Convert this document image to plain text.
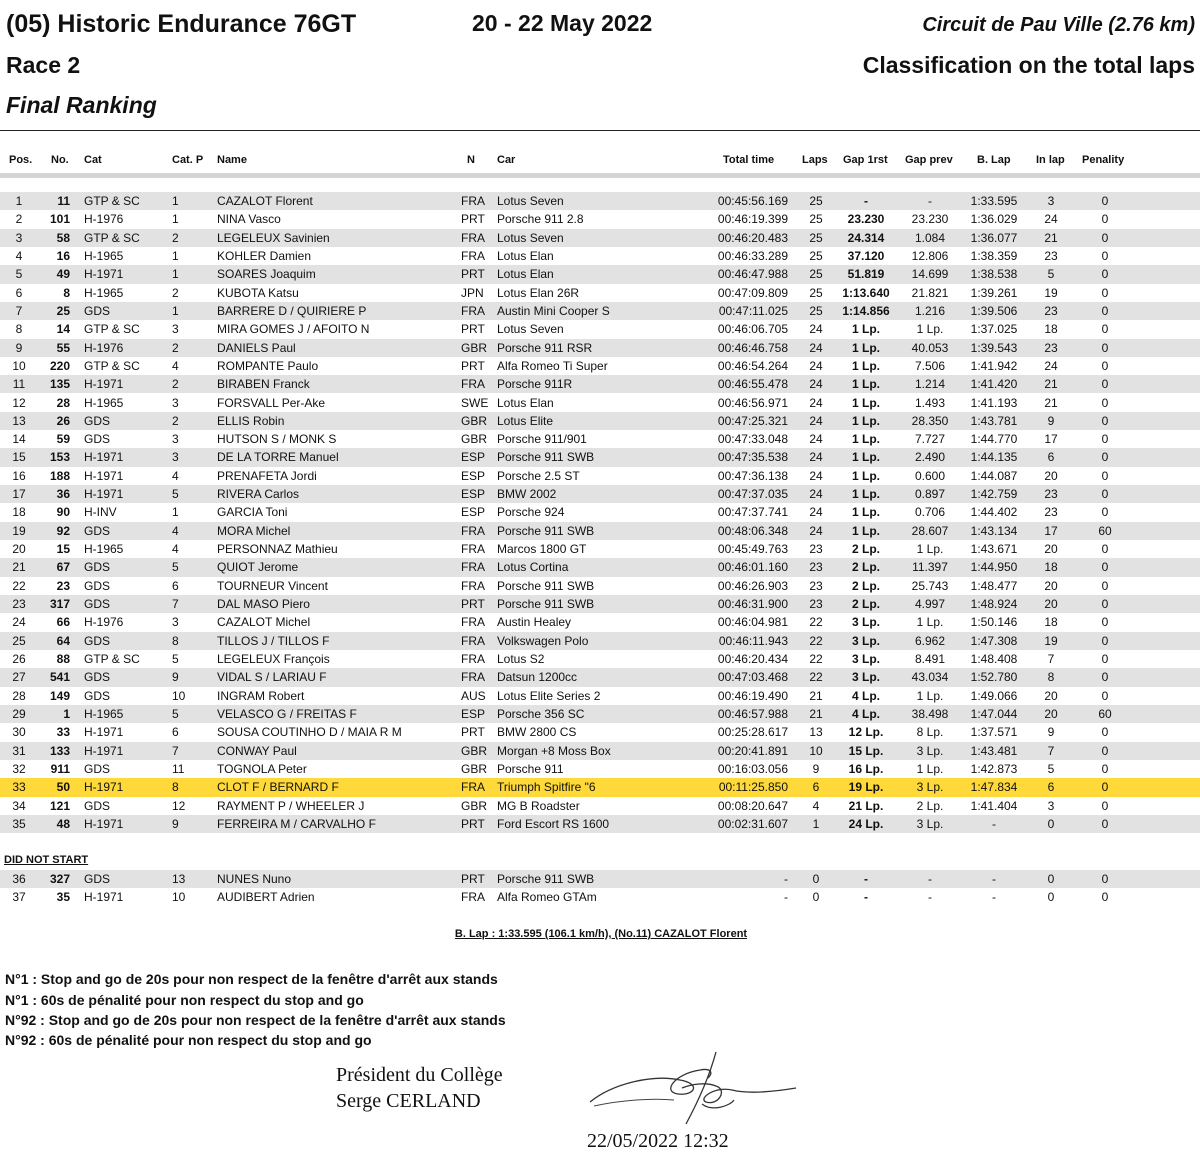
(05) Historic Endurance 76GT
Race 2
Final Ranking
20 - 22 May 2022	Circuit de Pau Ville (2.76 km)
Classification on the total laps
Pos. No. Cat	Cat. P Name	N Car	Total time	Laps Gap 1rst Gap prev B. Lap In lap Penality
1	11 GTP & SC	1	CAZALOT Florent	FRA Lotus Seven	00:45:56.169	25	-	-	1:33.595	3	0
2	101 H-1976	1	NINA Vasco	PRT Porsche 911 2.8	00:46:19.399	25	23.230	23.230	1:36.029	24	0
3	58 GTP & SC	2	LEGELEUX Savinien	FRA Lotus Seven	00:46:20.483	25	24.314	1.084	1:36.077	21	0
4	16 H-1965	1	KOHLER Damien	FRA Lotus Elan	00:46:33.289	25	37.120	12.806	1:38.359	23	0
5	49 H-1971	1	SOARES Joaquim	PRT Lotus Elan	00:46:47.988	25	51.819	14.699	1:38.538	5	0
6	8 H-1965	2	KUBOTA Katsu	JPN Lotus Elan 26R	00:47:09.809	25	1:13.640	21.821	1:39.261	19	0
7	25 GDS	1	BARRERE D / QUIRIERE P	FRA Austin Mini Cooper S	00:47:11.025	25	1:14.856	1.216	1:39.506	23	0
8	14 GTP & SC	3	MIRA GOMES J / AFOITO N	PRT Lotus Seven	00:46:06.705	24	1 Lp.	1 Lp.	1:37.025	18	0
9	55 H-1976	2	DANIELS Paul	GBR Porsche 911 RSR	00:46:46.758	24	1 Lp.	40.053	1:39.543	23	0
10	220 GTP & SC	4	ROMPANTE Paulo	PRT Alfa Romeo Ti Super	00:46:54.264	24	1 Lp.	7.506	1:41.942	24	0
11	135 H-1971	2	BIRABEN Franck	FRA Porsche 911R	00:46:55.478	24	1 Lp.	1.214	1:41.420	21	0
12	28 H-1965	3	FORSVALL Per-Ake	SWE Lotus Elan	00:46:56.971	24	1 Lp.	1.493	1:41.193	21	0
13	26 GDS	2	ELLIS Robin	GBR Lotus Elite	00:47:25.321	24	1 Lp.	28.350	1:43.781	9	0
14	59 GDS	3	HUTSON S / MONK S	GBR Porsche 911/901	00:47:33.048	24	1 Lp.	7.727	1:44.770	17	0
15	153 H-1971	3	DE LA TORRE Manuel	ESP Porsche 911 SWB	00:47:35.538	24	1 Lp.	2.490	1:44.135	6	0
16	188 H-1971	4	PRENAFETA Jordi	ESP Porsche 2.5 ST	00:47:36.138	24	1 Lp.	0.600	1:44.087	20	0
17	36 H-1971	5	RIVERA Carlos	ESP BMW 2002	00:47:37.035	24	1 Lp.	0.897	1:42.759	23	0
18	90 H-INV	1	GARCIA Toni	ESP Porsche 924	00:47:37.741	24	1 Lp.	0.706	1:44.402	23	0
19	92 GDS	4	MORA Michel	FRA Porsche 911 SWB	00:48:06.348	24	1 Lp.	28.607	1:43.134	17	60
20	15 H-1965	4	PERSONNAZ Mathieu	FRA Marcos 1800 GT	00:45:49.763	23	2 Lp.	1 Lp.	1:43.671	20	0
21	67 GDS	5	QUIOT Jerome	FRA Lotus Cortina	00:46:01.160	23	2 Lp.	11.397	1:44.950	18	0
22	23 GDS	6	TOURNEUR Vincent	FRA Porsche 911 SWB	00:46:26.903	23	2 Lp.	25.743	1:48.477	20	0
23	317 GDS	7	DAL MASO Piero	PRT Porsche 911 SWB	00:46:31.900	23	2 Lp.	4.997	1:48.924	20	0
24	66 H-1976	3	CAZALOT Michel	FRA Austin Healey	00:46:04.981	22	3 Lp.	1 Lp.	1:50.146	18	0
25	64 GDS	8	TILLOS J / TILLOS F	FRA Volkswagen Polo	00:46:11.943	22	3 Lp.	6.962	1:47.308	19	0
26	88 GTP & SC	5	LEGELEUX François	FRA Lotus S2	00:46:20.434	22	3 Lp.	8.491	1:48.408	7	0
27	541 GDS	9	VIDAL S / LARIAU F	FRA Datsun 1200cc	00:47:03.468	22	3 Lp.	43.034	1:52.780	8	0
28	149 GDS	10	INGRAM Robert	AUS Lotus Elite Series 2	00:46:19.490	21	4 Lp.	1 Lp.	1:49.066	20	0
29	1 H-1965	5	VELASCO G / FREITAS F	ESP Porsche 356 SC	00:46:57.988	21	4 Lp.	38.498	1:47.044	20	60
30	33 H-1971	6	SOUSA COUTINHO D / MAIA R M	PRT BMW 2800 CS	00:25:28.617	13	12 Lp.	8 Lp.	1:37.571	9	0
31	133 H-1971	7	CONWAY Paul	GBR Morgan +8 Moss Box	00:20:41.891	10	15 Lp.	3 Lp.	1:43.481	7	0
32	911 GDS	11	TOGNOLA Peter	GBR Porsche 911	00:16:03.056	9	16 Lp.	1 Lp.	1:42.873	5	0
33	50 H-1971	8	CLOT F / BERNARD F	FRA Triumph Spitfire "6	00:11:25.850	6	19 Lp.	3 Lp.	1:47.834	6	0
34	121 GDS	12	RAYMENT P / WHEELER J	GBR MG B Roadster	00:08:20.647	4	21 Lp.	2 Lp.	1:41.404	3	0
35	48 H-1971	9	FERREIRA M / CARVALHO F	PRT Ford Escort RS 1600	00:02:31.607	1	24 Lp.	3 Lp.	-	0	0
DID NOT START
36	327 GDS	13	NUNES Nuno	PRT Porsche 911 SWB	-	0	-	-	-	0	0
37	35 H-1971	10	AUDIBERT Adrien	FRA Alfa Romeo GTAm	-	0	-	-	-	0	0
B. Lap : 1:33.595 (106.1 km/h), (No.11) CAZALOT Florent
N°1 : Stop and go de 20s pour non respect de la fenêtre d'arrêt aux stands
N°1 : 60s de pénalité pour non respect du stop and go
N°92 : Stop and go de 20s pour non respect de la fenêtre d'arrêt aux stands
N°92 : 60s de pénalité pour non respect du stop and go
Président du Collège
Serge CERLAND
22/05/2022 12:32
